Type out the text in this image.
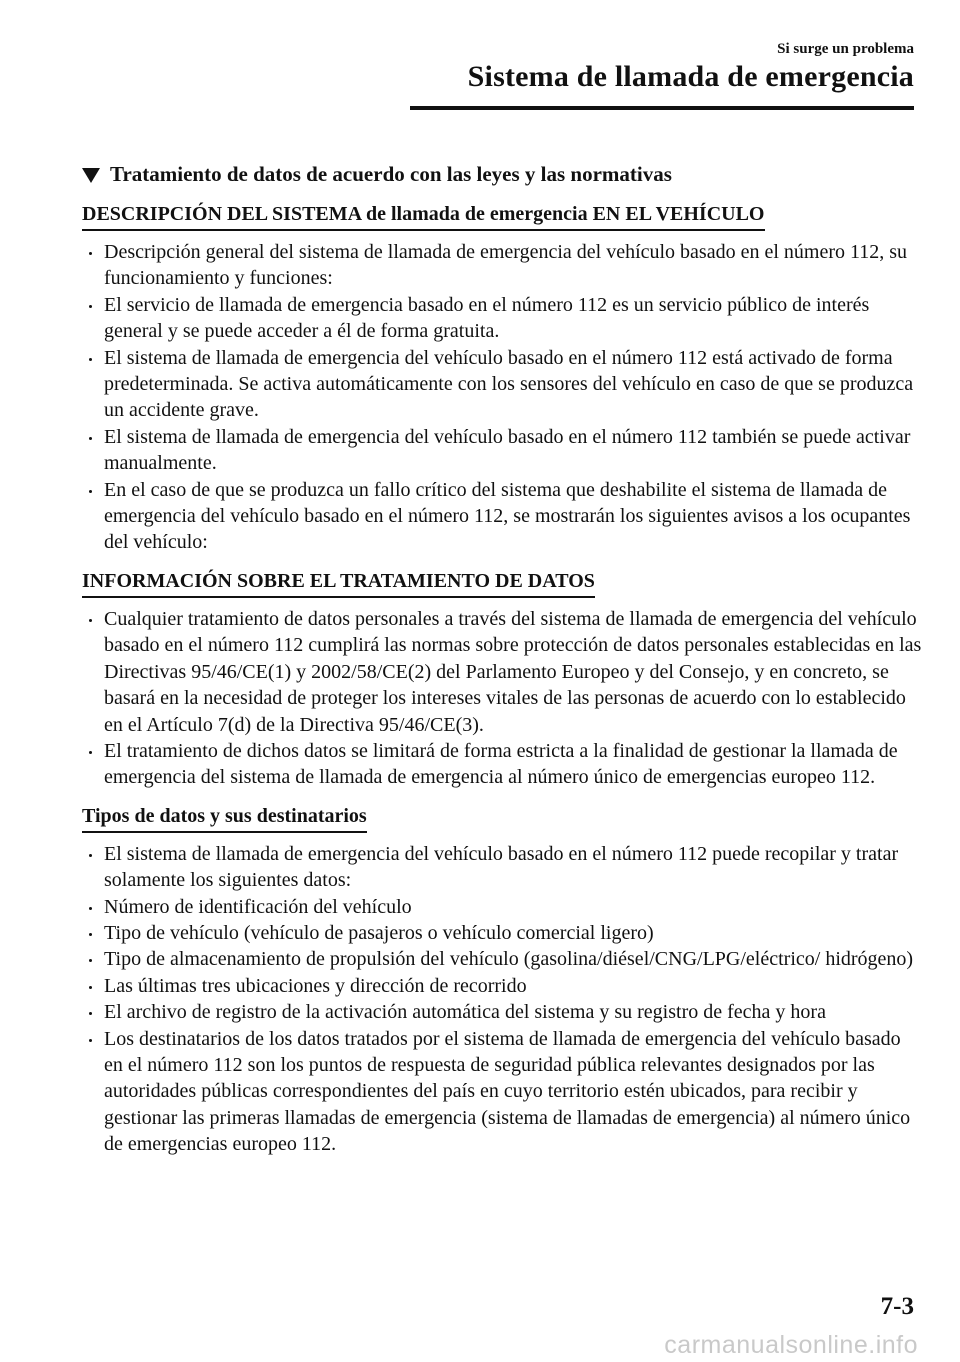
Si surge un problema
Sistema de llamada de emergencia
Tratamiento de datos de acuerdo con las leyes y las normativas
DESCRIPCIÓN DEL SISTEMA de llamada de emergencia EN EL VEHÍCULO
Descripción general del sistema de llamada de emergencia del vehículo basado en el número 112, su funcionamiento y funciones:
El servicio de llamada de emergencia basado en el número 112 es un servicio público de interés general y se puede acceder a él de forma gratuita.
El sistema de llamada de emergencia del vehículo basado en el número 112 está activado de forma predeterminada. Se activa automáticamente con los sensores del vehículo en caso de que se produzca un accidente grave.
El sistema de llamada de emergencia del vehículo basado en el número 112 también se puede activar manualmente.
En el caso de que se produzca un fallo crítico del sistema que deshabilite el sistema de llamada de emergencia del vehículo basado en el número 112, se mostrarán los siguientes avisos a los ocupantes del vehículo:
INFORMACIÓN SOBRE EL TRATAMIENTO DE DATOS
Cualquier tratamiento de datos personales a través del sistema de llamada de emergencia del vehículo basado en el número 112 cumplirá las normas sobre protección de datos personales establecidas en las Directivas 95/46/CE(1) y 2002/58/CE(2) del Parlamento Europeo y del Consejo, y en concreto, se basará en la necesidad de proteger los intereses vitales de las personas de acuerdo con lo establecido en el Artículo 7(d) de la Directiva 95/46/CE(3).
El tratamiento de dichos datos se limitará de forma estricta a la finalidad de gestionar la llamada de emergencia del sistema de llamada de emergencia al número único de emergencias europeo 112.
Tipos de datos y sus destinatarios
El sistema de llamada de emergencia del vehículo basado en el número 112 puede recopilar y tratar solamente los siguientes datos:
Número de identificación del vehículo
Tipo de vehículo (vehículo de pasajeros o vehículo comercial ligero)
Tipo de almacenamiento de propulsión del vehículo (gasolina/diésel/CNG/LPG/eléctrico/ hidrógeno)
Las últimas tres ubicaciones y dirección de recorrido
El archivo de registro de la activación automática del sistema y su registro de fecha y hora
Los destinatarios de los datos tratados por el sistema de llamada de emergencia del vehículo basado en el número 112 son los puntos de respuesta de seguridad pública relevantes designados por las autoridades públicas correspondientes del país en cuyo territorio estén ubicados, para recibir y gestionar las primeras llamadas de emergencia (sistema de llamadas de emergencia) al número único de emergencias europeo 112.
7-3
carmanualsonline.info
